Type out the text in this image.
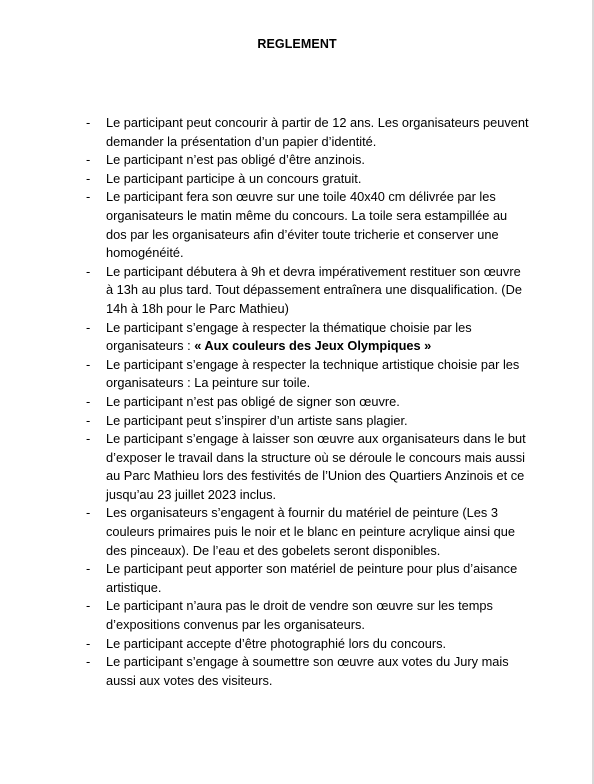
REGLEMENT
-	Le participant peut concourir à partir de 12 ans. Les organisateurs peuvent demander la présentation d’un papier d’identité.
-	Le participant n’est pas obligé d’être anzinois.
-	Le participant participe à un concours gratuit.
-	Le participant fera son œuvre sur une toile 40x40 cm délivrée par les organisateurs le matin même du concours. La toile sera estampillée au dos par les organisateurs afin d’éviter toute tricherie et conserver une homogénéité.
-	Le participant débutera à 9h et devra impérativement restituer son œuvre à 13h au plus tard. Tout dépassement entraînera une disqualification. (De 14h à 18h pour le Parc Mathieu)
-	Le participant s’engage à respecter la thématique choisie par les organisateurs : « Aux couleurs des Jeux Olympiques »
-	Le participant s’engage à respecter la technique artistique choisie par les organisateurs : La peinture sur toile.
-	Le participant n’est pas obligé de signer son œuvre.
-	Le participant peut s’inspirer d’un artiste sans plagier.
-	Le participant s’engage à laisser son œuvre aux organisateurs dans le but d’exposer le travail dans la structure où se déroule le concours mais aussi au Parc Mathieu lors des festivités de l’Union des Quartiers Anzinois et ce jusqu’au 23 juillet 2023 inclus.
-	Les organisateurs s’engagent à fournir du matériel de peinture (Les 3 couleurs primaires puis le noir et le blanc en peinture acrylique ainsi que des pinceaux). De l’eau et des gobelets seront disponibles.
-	Le participant peut apporter son matériel de peinture pour plus d’aisance artistique.
-	Le participant n’aura pas le droit de vendre son œuvre sur les temps d’expositions convenus par les organisateurs.
-	Le participant accepte d’être photographié lors du concours.
-	Le participant s’engage à soumettre son œuvre aux votes du Jury mais aussi aux votes des visiteurs.
